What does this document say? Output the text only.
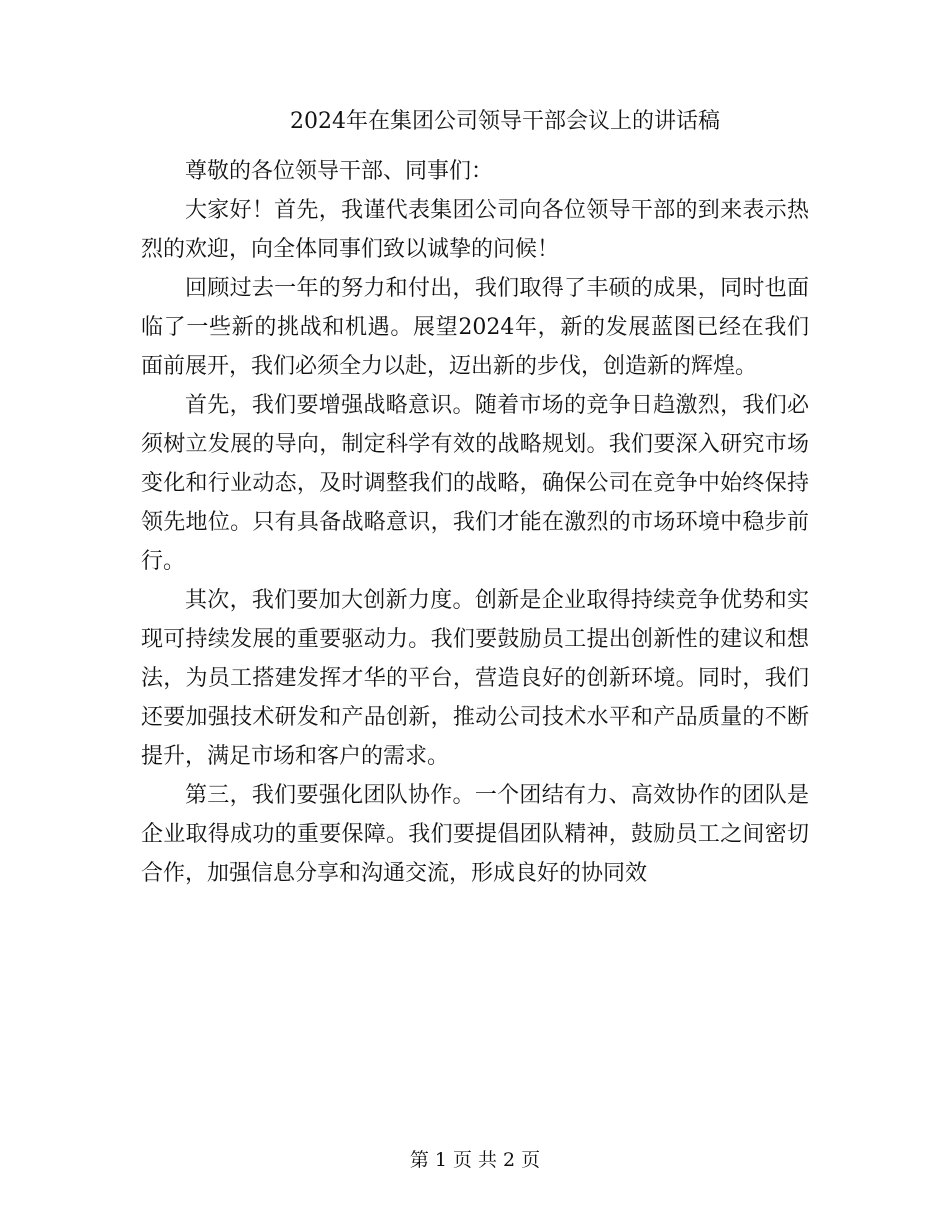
2024年在集团公司领导干部会议上的讲话稿

尊敬的各位领导干部、同事们：

大家好！首先，我谨代表集团公司向各位领导干部的到来表示热烈的欢迎，向全体同事们致以诚挚的问候！

回顾过去一年的努力和付出，我们取得了丰硕的成果，同时也面临了一些新的挑战和机遇。展望2024年，新的发展蓝图已经在我们面前展开，我们必须全力以赴，迈出新的步伐，创造新的辉煌。

首先，我们要增强战略意识。随着市场的竞争日趋激烈，我们必须树立发展的导向，制定科学有效的战略规划。我们要深入研究市场变化和行业动态，及时调整我们的战略，确保公司在竞争中始终保持领先地位。只有具备战略意识，我们才能在激烈的市场环境中稳步前行。

其次，我们要加大创新力度。创新是企业取得持续竞争优势和实现可持续发展的重要驱动力。我们要鼓励员工提出创新性的建议和想法，为员工搭建发挥才华的平台，营造良好的创新环境。同时，我们还要加强技术研发和产品创新，推动公司技术水平和产品质量的不断提升，满足市场和客户的需求。

第三，我们要强化团队协作。一个团结有力、高效协作的团队是企业取得成功的重要保障。我们要提倡团队精神，鼓励员工之间密切合作，加强信息分享和沟通交流，形成良好的协同效

第 1 页 共 2 页
